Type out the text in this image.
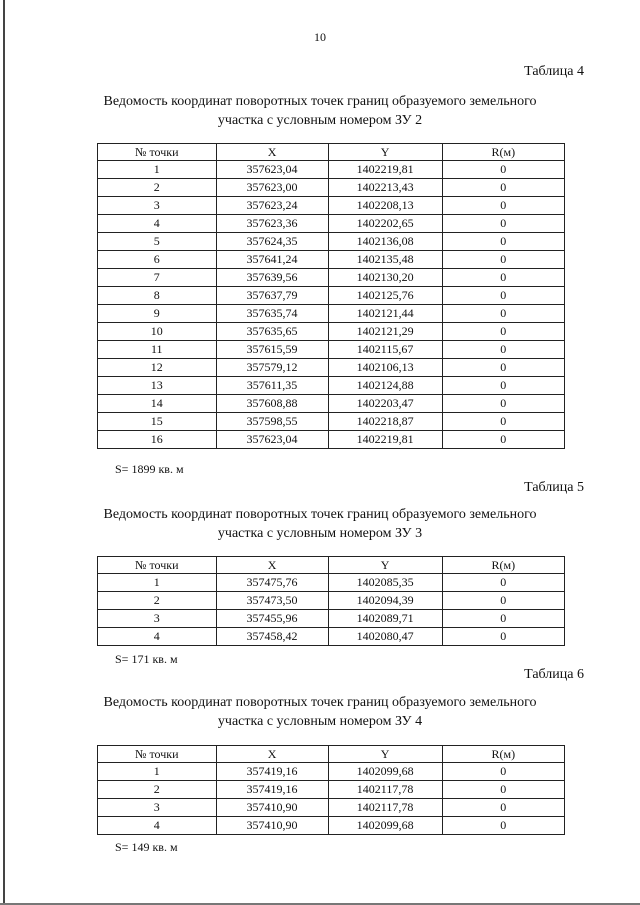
10
Таблица 4
Ведомость координат поворотных точек границ образуемого земельного
участка с условным номером ЗУ 2
№ точки	X	Y	R(м)
1	357623,04	1402219,81	0
2	357623,00	1402213,43	0
3	357623,24	1402208,13	0
4	357623,36	1402202,65	0
5	357624,35	1402136,08	0
6	357641,24	1402135,48	0
7	357639,56	1402130,20	0
8	357637,79	1402125,76	0
9	357635,74	1402121,44	0
10	357635,65	1402121,29	0
11	357615,59	1402115,67	0
12	357579,12	1402106,13	0
13	357611,35	1402124,88	0
14	357608,88	1402203,47	0
15	357598,55	1402218,87	0
16	357623,04	1402219,81	0
S= 1899 кв. м
Таблица 5
Ведомость координат поворотных точек границ образуемого земельного
участка с условным номером ЗУ 3
№ точки	X	Y	R(м)
1	357475,76	1402085,35	0
2	357473,50	1402094,39	0
3	357455,96	1402089,71	0
4	357458,42	1402080,47	0
S= 171 кв. м
Таблица 6
Ведомость координат поворотных точек границ образуемого земельного
участка с условным номером ЗУ 4
№ точки	X	Y	R(м)
1	357419,16	1402099,68	0
2	357419,16	1402117,78	0
3	357410,90	1402117,78	0
4	357410,90	1402099,68	0
S= 149 кв. м
